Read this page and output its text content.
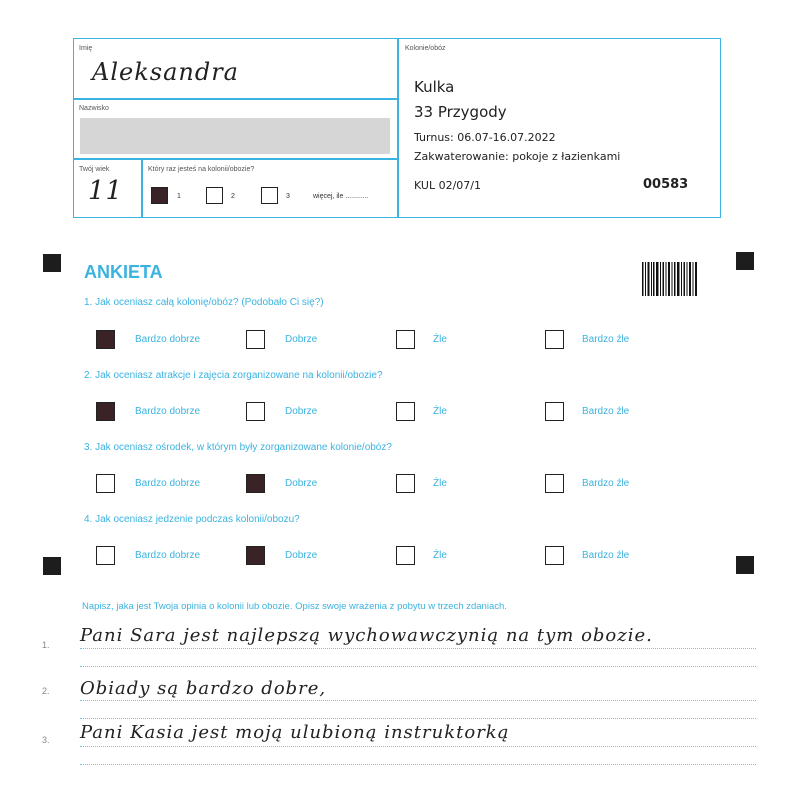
Imię
Aleksandra
Nazwisko
Twój wiek
11
Który raz jesteś na kolonii/obozie?
1	2	3	więcej, ile ............
Kolonie/obóz
Kulka
33 Przygody
Turnus: 06.07-16.07.2022
Zakwaterowanie: pokoje z łazienkami
KUL 02/07/1	00583
ANKIETA
1. Jak oceniasz całą kolonię/obóz? (Podobało Ci się?)
Bardzo dobrze	Dobrze	Źle	Bardzo źle
2. Jak oceniasz atrakcje i zajęcia zorganizowane na kolonii/obozie?
Bardzo dobrze	Dobrze	Źle	Bardzo źle
3. Jak oceniasz ośrodek, w którym były zorganizowane kolonie/obóz?
Bardzo dobrze	Dobrze	Źle	Bardzo źle
4. Jak oceniasz jedzenie podczas kolonii/obozu?
Bardzo dobrze	Dobrze	Źle	Bardzo źle
Napisz, jaka jest Twoja opinia o kolonii lub obozie. Opisz swoje wrażenia z pobytu w trzech zdaniach.
1. Pani Sara jest najlepszą wychowawczynią na tym obozie.
2. Obiady są bardzo dobre,
3. Pani Kasia jest moją ulubioną instruktorką
